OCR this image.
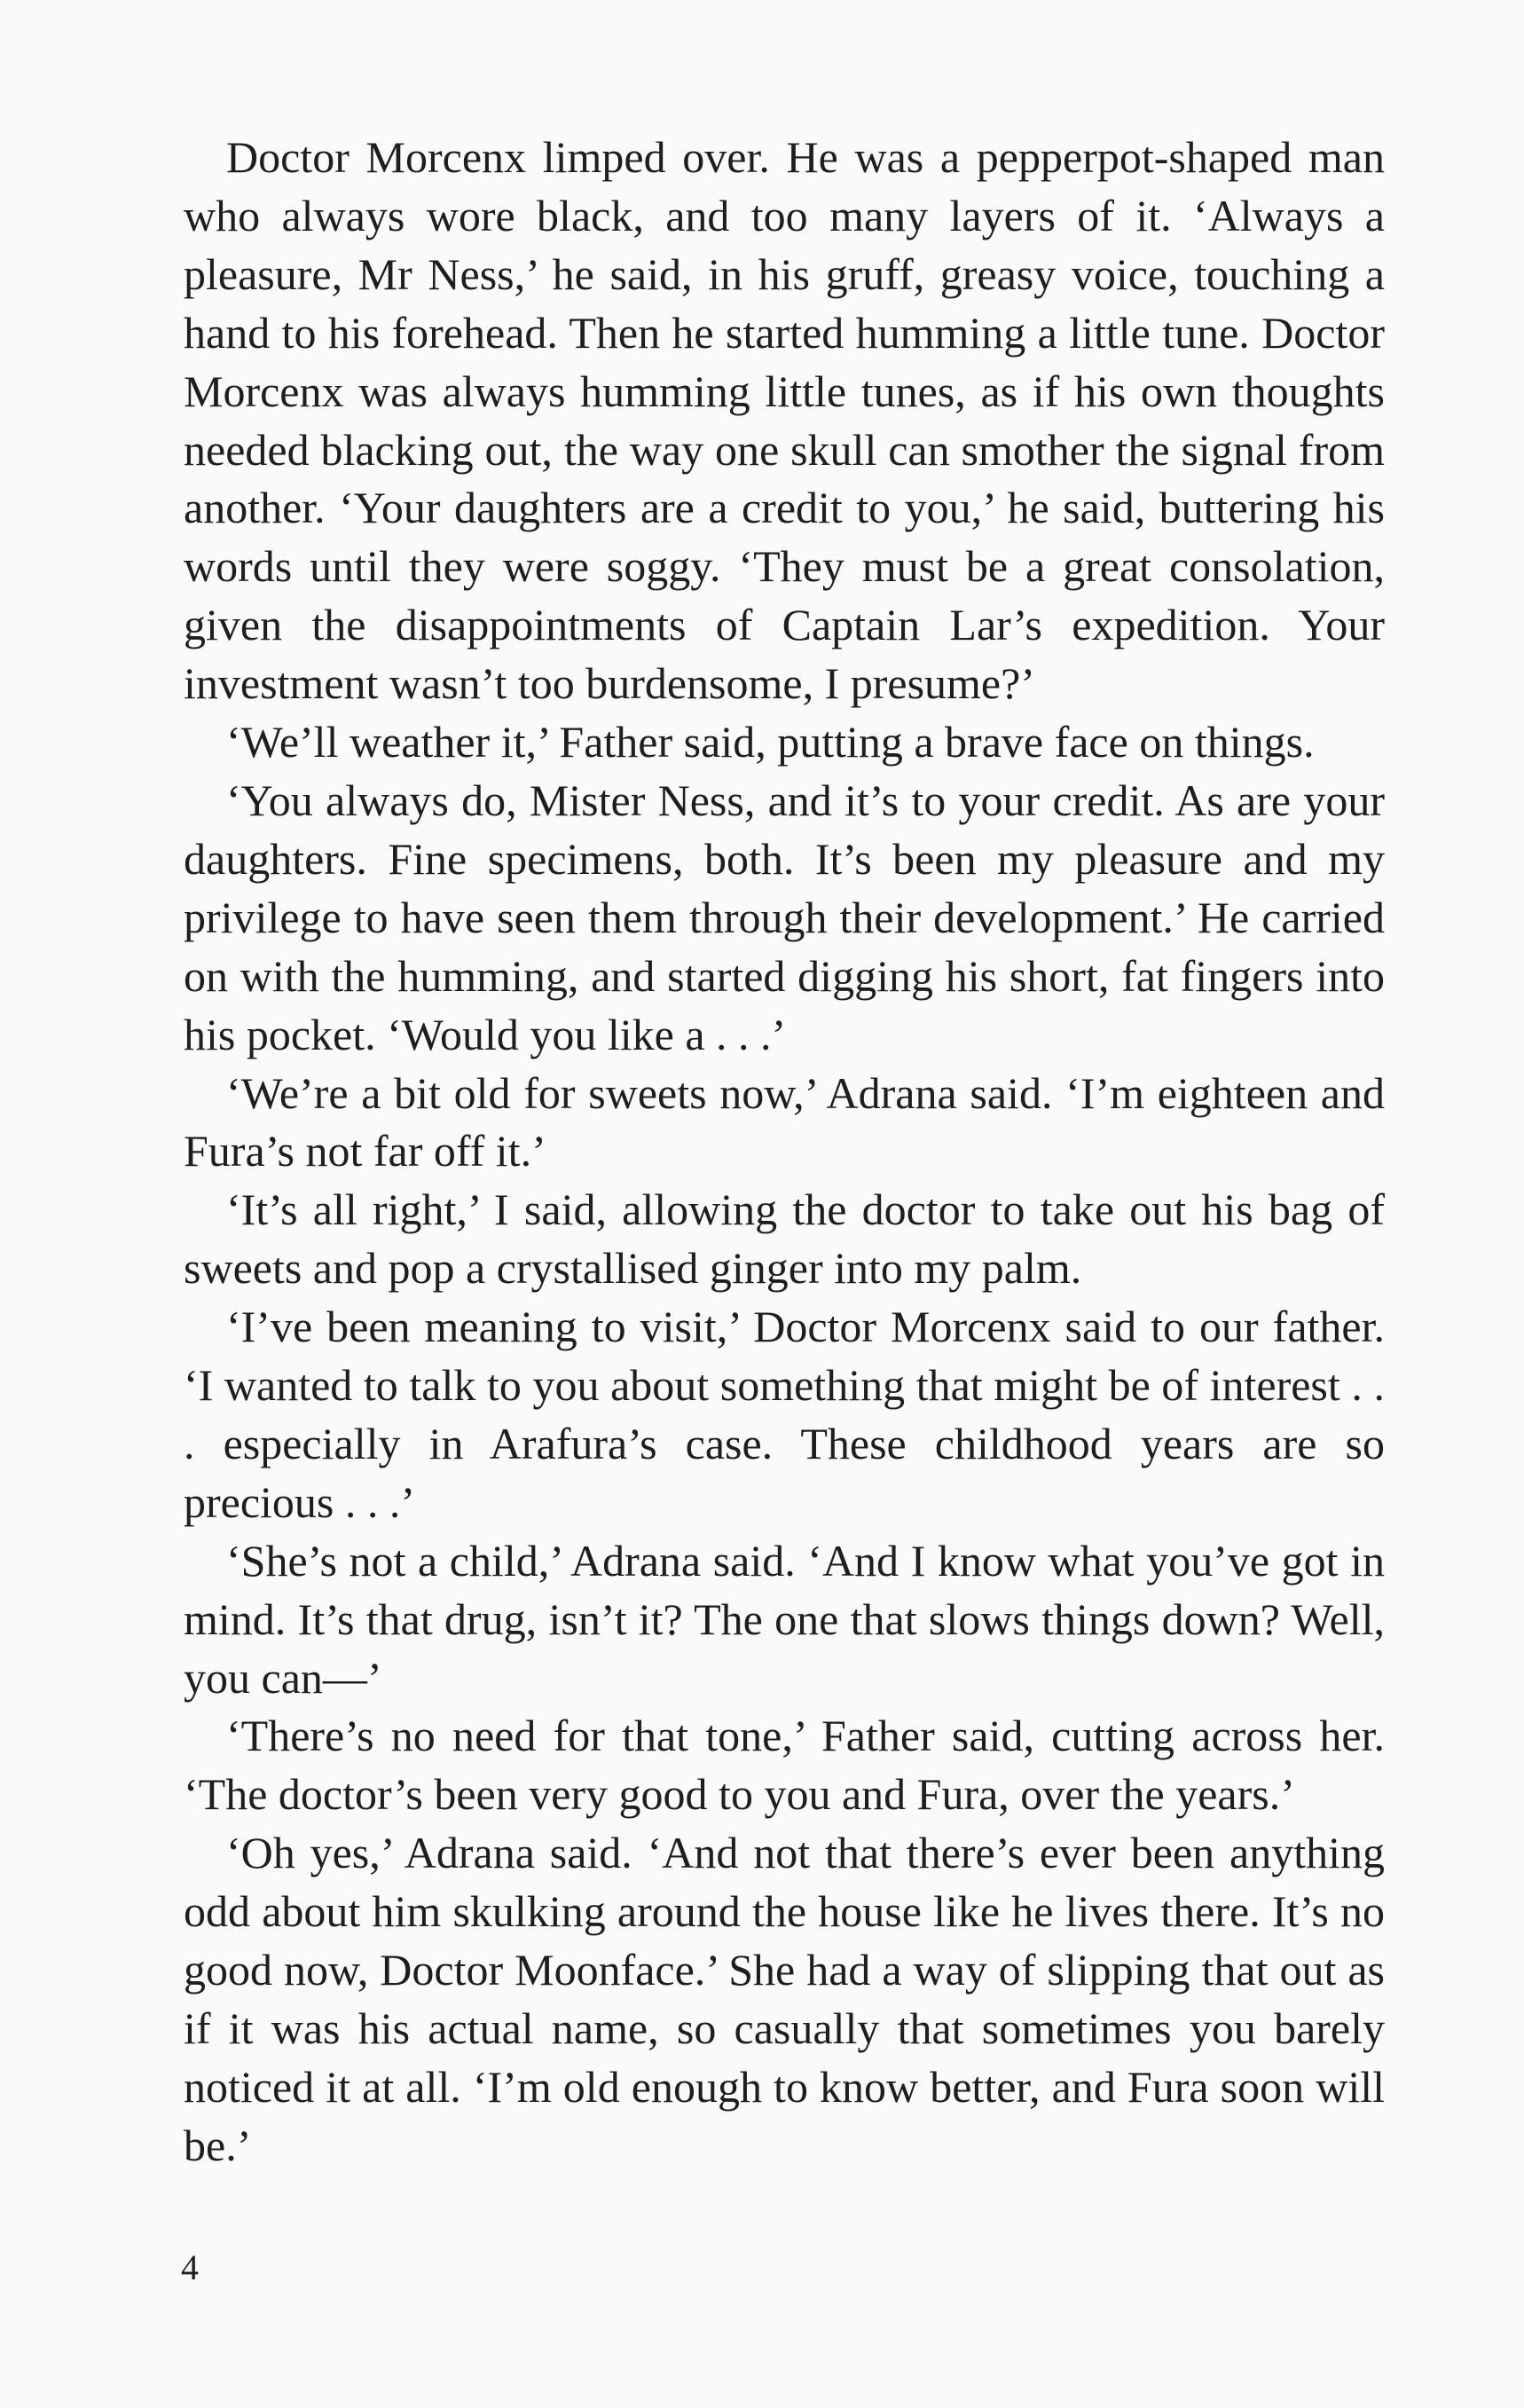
Doctor Morcenx limped over. He was a pepperpot-shaped man who always wore black, and too many layers of it. ‘Always a pleasure, Mr Ness,’ he said, in his gruff, greasy voice, touching a hand to his forehead. Then he started humming a little tune. Doctor Morcenx was always humming little tunes, as if his own thoughts needed blacking out, the way one skull can smother the signal from another. ‘Your daughters are a credit to you,’ he said, buttering his words until they were soggy. ‘They must be a great consolation, given the disappointments of Captain Lar’s expedition. Your investment wasn’t too burdensome, I presume?’

‘We’ll weather it,’ Father said, putting a brave face on things.

‘You always do, Mister Ness, and it’s to your credit. As are your daughters. Fine specimens, both. It’s been my pleasure and my privilege to have seen them through their development.’ He carried on with the humming, and started digging his short, fat fingers into his pocket. ‘Would you like a . . .’

‘We’re a bit old for sweets now,’ Adrana said. ‘I’m eighteen and Fura’s not far off it.’

‘It’s all right,’ I said, allowing the doctor to take out his bag of sweets and pop a crystallised ginger into my palm.

‘I’ve been meaning to visit,’ Doctor Morcenx said to our father. ‘I wanted to talk to you about something that might be of interest . . . especially in Arafura’s case. These childhood years are so precious . . .’

‘She’s not a child,’ Adrana said. ‘And I know what you’ve got in mind. It’s that drug, isn’t it? The one that slows things down? Well, you can—’

‘There’s no need for that tone,’ Father said, cutting across her. ‘The doctor’s been very good to you and Fura, over the years.’

‘Oh yes,’ Adrana said. ‘And not that there’s ever been anything odd about him skulking around the house like he lives there. It’s no good now, Doctor Moonface.’ She had a way of slipping that out as if it was his actual name, so casually that sometimes you barely noticed it at all. ‘I’m old enough to know better, and Fura soon will be.’

4
